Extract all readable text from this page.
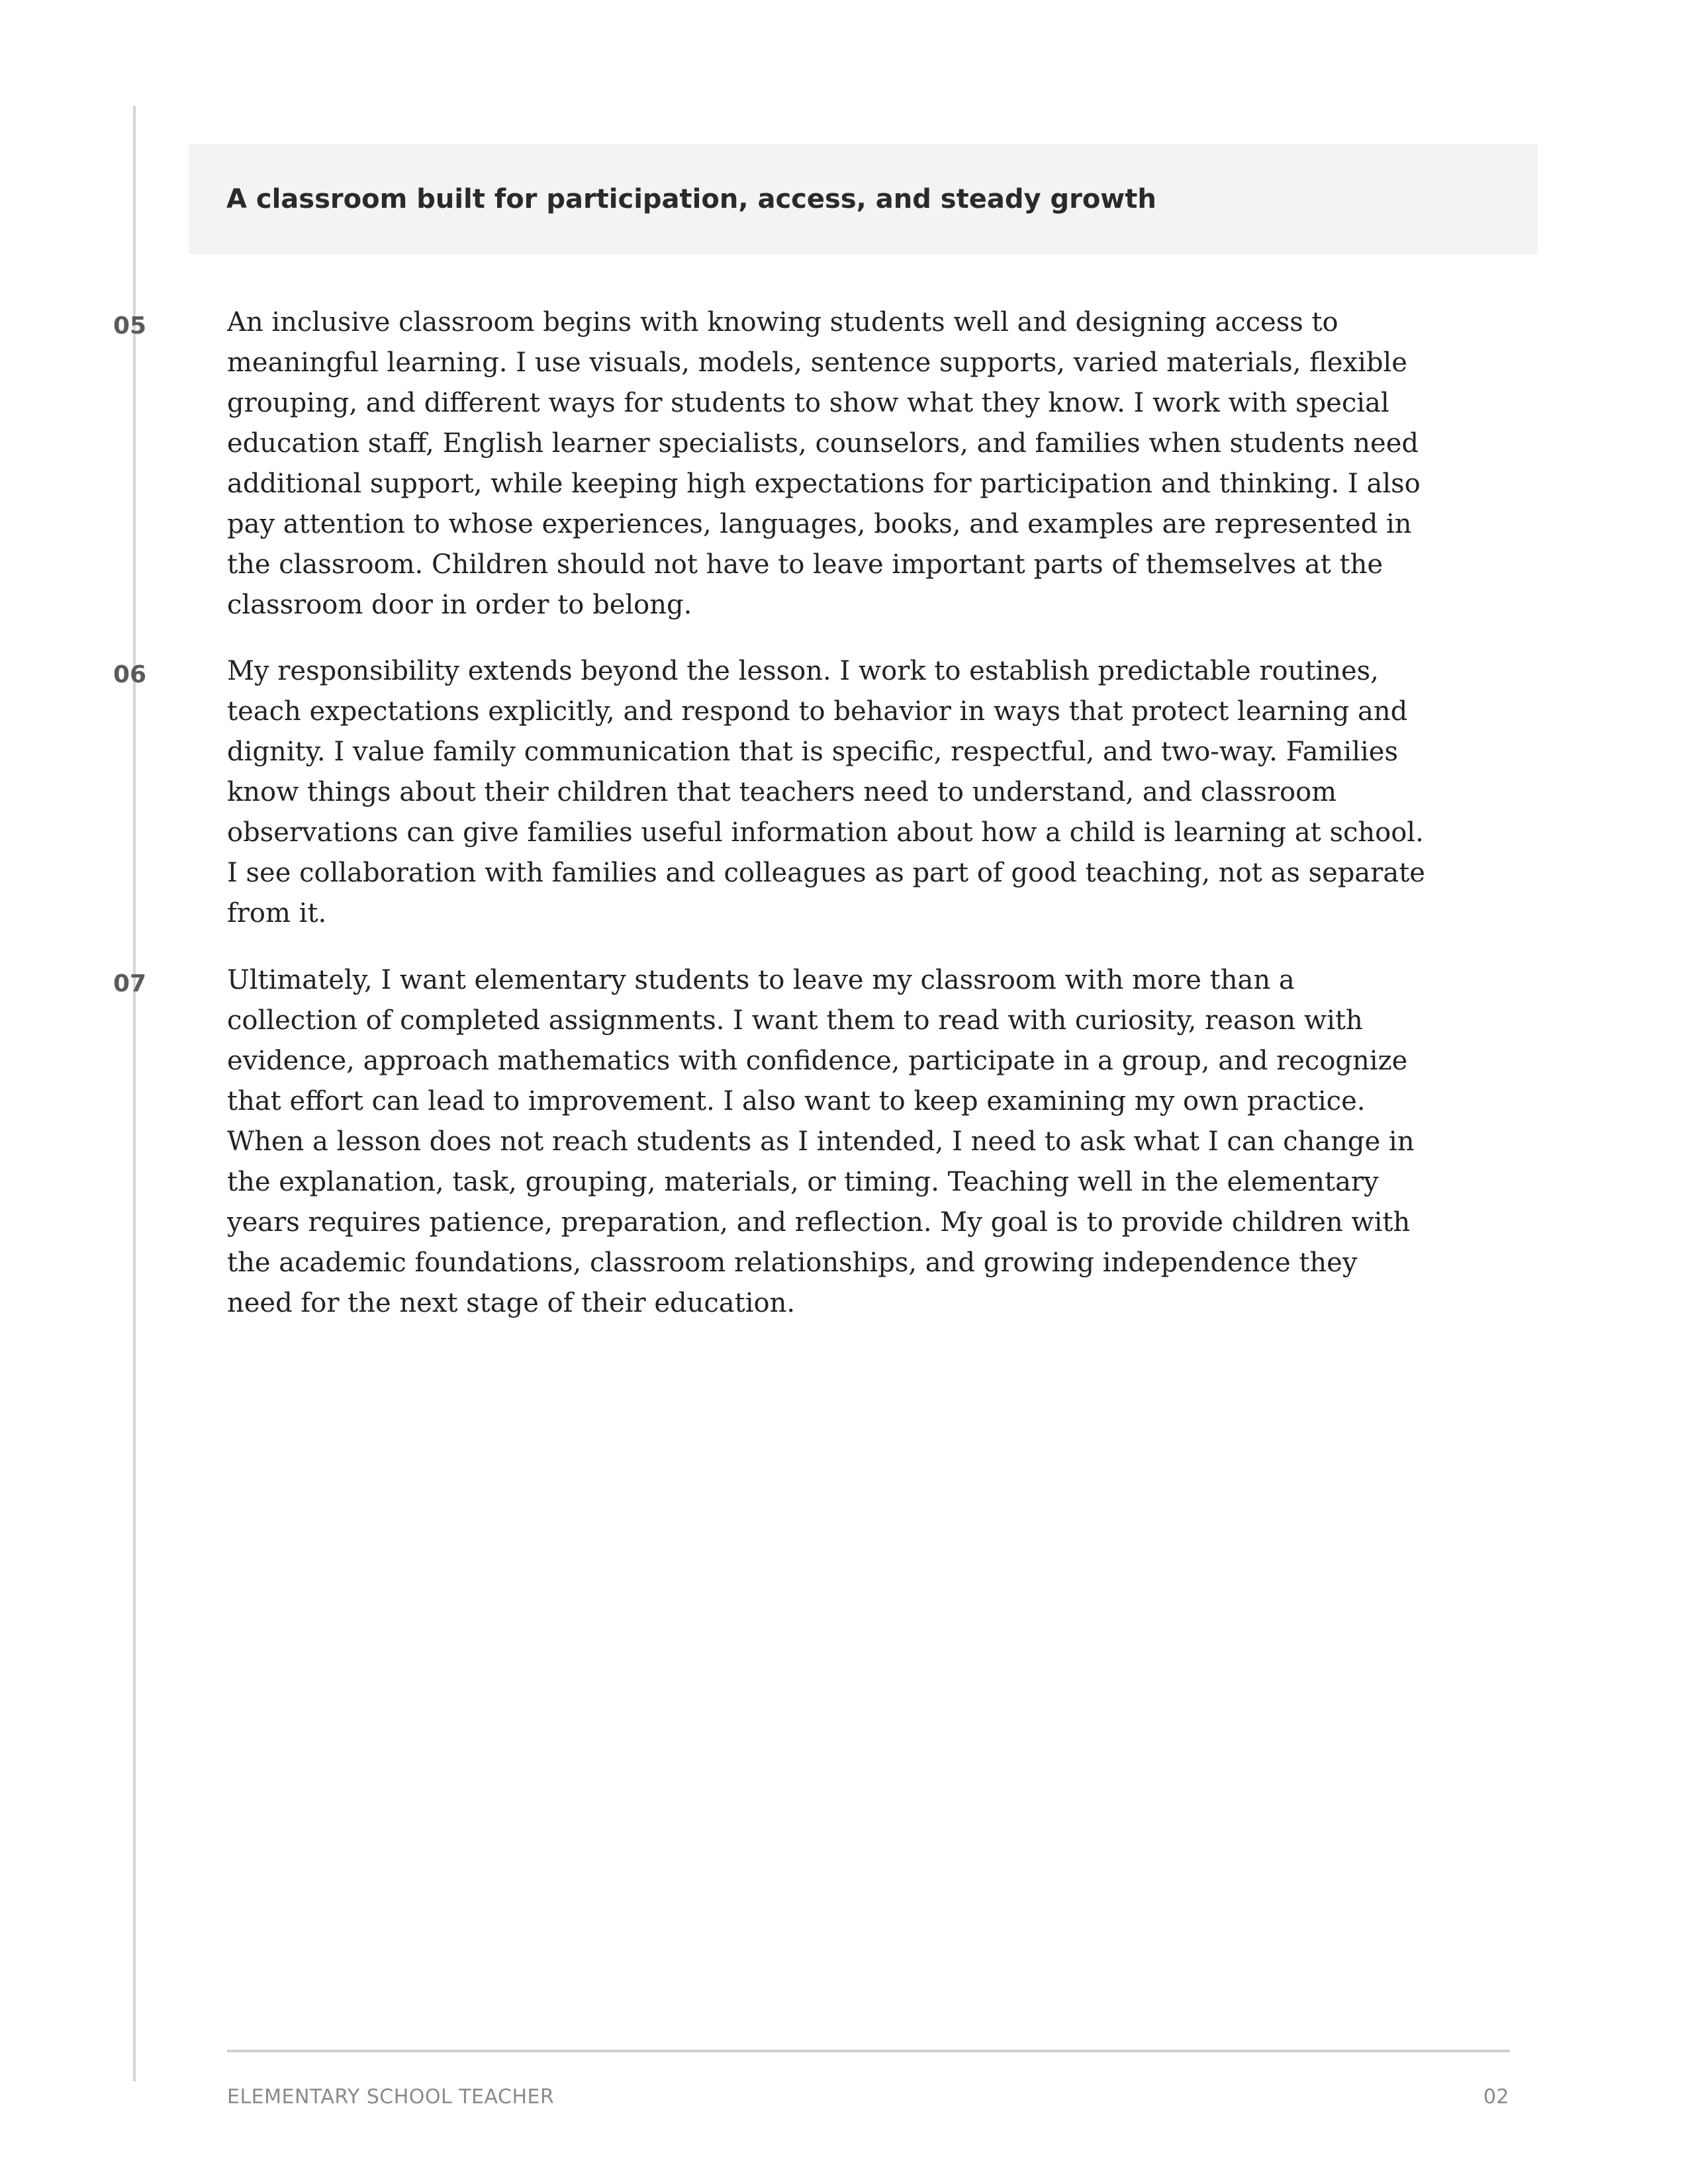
A classroom built for participation, access, and steady growth
05	An inclusive classroom begins with knowing students well and designing access to
meaningful learning. I use visuals, models, sentence supports, varied materials, flexible
grouping, and different ways for students to show what they know. I work with special
education staff, English learner specialists, counselors, and families when students need
additional support, while keeping high expectations for participation and thinking. I also
pay attention to whose experiences, languages, books, and examples are represented in
the classroom. Children should not have to leave important parts of themselves at the
classroom door in order to belong.

06	My responsibility extends beyond the lesson. I work to establish predictable routines,
teach expectations explicitly, and respond to behavior in ways that protect learning and
dignity. I value family communication that is specific, respectful, and two-way. Families
know things about their children that teachers need to understand, and classroom
observations can give families useful information about how a child is learning at school.
I see collaboration with families and colleagues as part of good teaching, not as separate
from it.

07	Ultimately, I want elementary students to leave my classroom with more than a
collection of completed assignments. I want them to read with curiosity, reason with
evidence, approach mathematics with confidence, participate in a group, and recognize
that effort can lead to improvement. I also want to keep examining my own practice.
When a lesson does not reach students as I intended, I need to ask what I can change in
the explanation, task, grouping, materials, or timing. Teaching well in the elementary
years requires patience, preparation, and reflection. My goal is to provide children with
the academic foundations, classroom relationships, and growing independence they
need for the next stage of their education.

ELEMENTARY SCHOOL TEACHER	02
